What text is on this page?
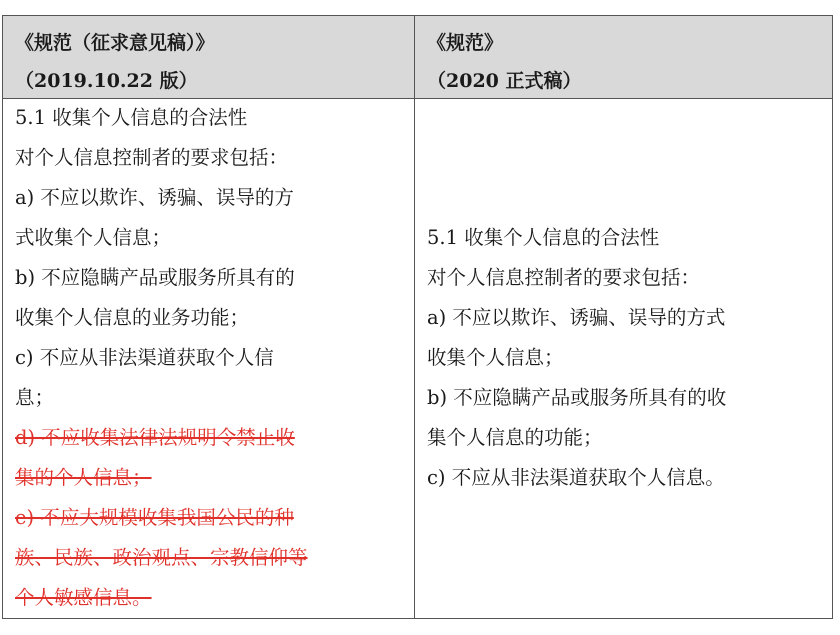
《规范（征求意见稿）》
（2019.10.22 版）
《规范》
（2020 正式稿）
5.1 收集个人信息的合法性
对个人信息控制者的要求包括：
a) 不应以欺诈、诱骗、误导的方
式收集个人信息；
b) 不应隐瞒产品或服务所具有的
收集个人信息的业务功能；
c) 不应从非法渠道获取个人信
息；
d) 不应收集法律法规明令禁止收
集的个人信息；
e) 不应大规模收集我国公民的种
族、民族、政治观点、宗教信仰等
个人敏感信息。
5.1 收集个人信息的合法性
对个人信息控制者的要求包括：
a) 不应以欺诈、诱骗、误导的方式
收集个人信息；
b) 不应隐瞒产品或服务所具有的收
集个人信息的功能；
c) 不应从非法渠道获取个人信息。
